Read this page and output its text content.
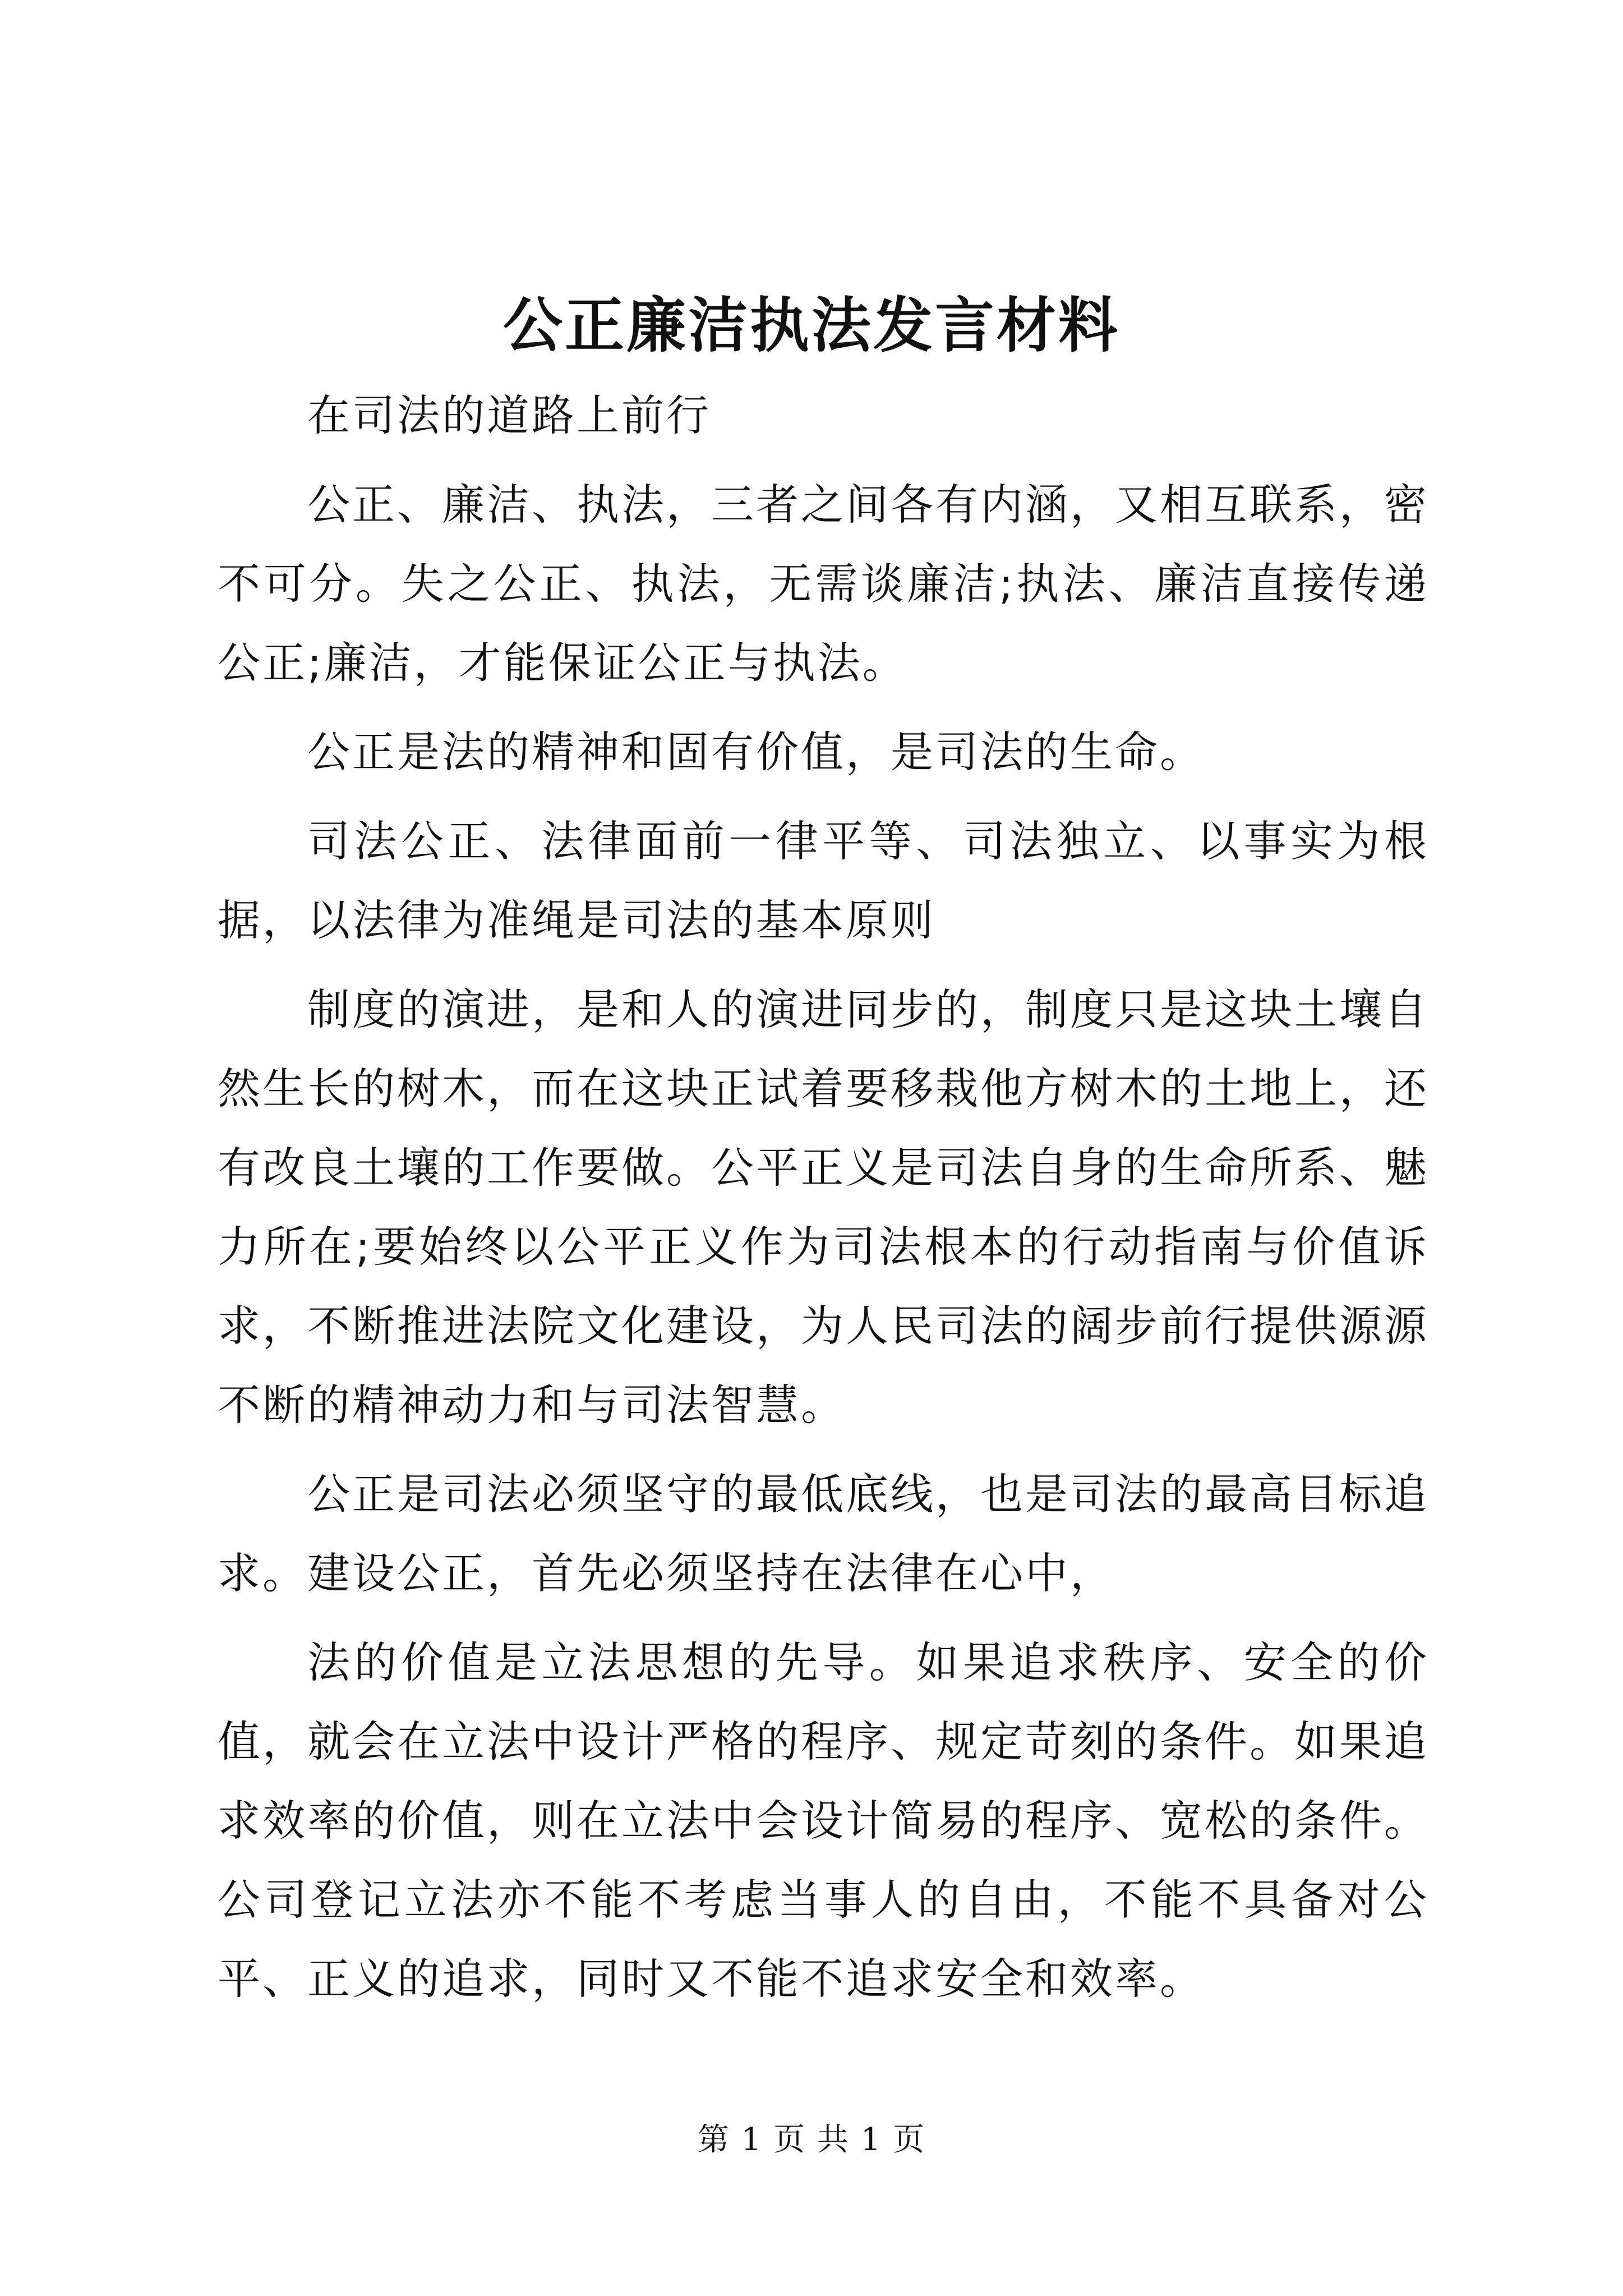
公正廉洁执法发言材料

在司法的道路上前行

公正、廉洁、执法，三者之间各有内涵，又相互联系，密不可分。失之公正、执法，无需谈廉洁;执法、廉洁直接传递公正;廉洁，才能保证公正与执法。

公正是法的精神和固有价值，是司法的生命。

司法公正、法律面前一律平等、司法独立、以事实为根据，以法律为准绳是司法的基本原则

制度的演进，是和人的演进同步的，制度只是这块土壤自然生长的树木，而在这块正试着要移栽他方树木的土地上，还有改良土壤的工作要做。公平正义是司法自身的生命所系、魅力所在;要始终以公平正义作为司法根本的行动指南与价值诉求，不断推进法院文化建设，为人民司法的阔步前行提供源源不断的精神动力和与司法智慧。

公正是司法必须坚守的最低底线，也是司法的最高目标追求。建设公正，首先必须坚持在法律在心中，

法的价值是立法思想的先导。如果追求秩序、安全的价值，就会在立法中设计严格的程序、规定苛刻的条件。如果追求效率的价值，则在立法中会设计简易的程序、宽松的条件。公司登记立法亦不能不考虑当事人的自由，不能不具备对公平、正义的追求，同时又不能不追求安全和效率。

第 1 页 共 1 页
